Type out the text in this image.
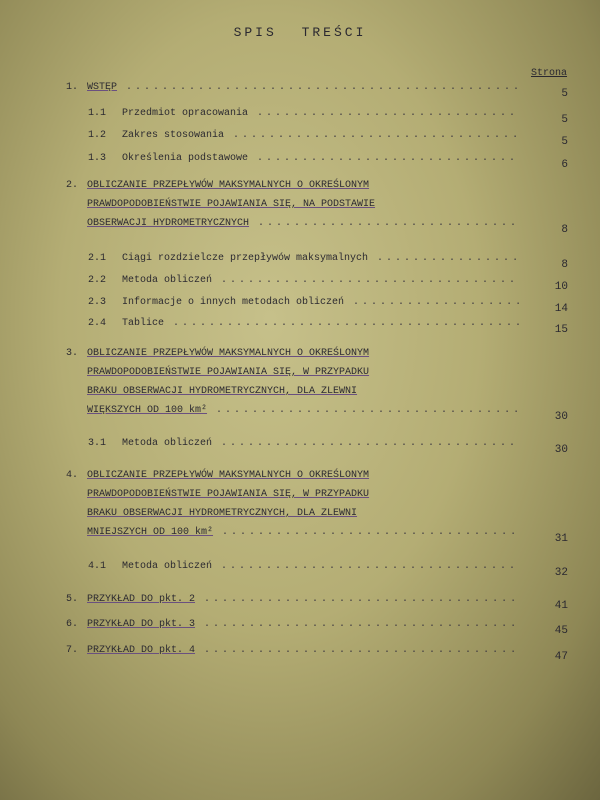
SPIS TREŚCI
Strona
1. WSTĘP ............................................
5
1.1 Przedmiot opracowania .............................
5
1.2 Zakres stosowania ................................
5
1.3 Określenia podstawowe .............................
6
2. OBLICZANIE PRZEPŁYWÓW MAKSYMALNYCH O OKREŚLONYM
PRAWDOPODOBIEŃSTWIE POJAWIANIA SIĘ, NA PODSTAWIE
OBSERWACJI HYDROMETRYCZNYCH .............................
8
2.1 Ciągi rozdzielcze przepływów maksymalnych ................
8
2.2 Metoda obliczeń .................................
10
2.3 Informacje o innych metodach obliczeń ...................
14
2.4 Tablice .......................................
15
3. OBLICZANIE PRZEPŁYWÓW MAKSYMALNYCH O OKREŚLONYM
PRAWDOPODOBIEŃSTWIE POJAWIANIA SIĘ, W PRZYPADKU
BRAKU OBSERWACJI HYDROMETRYCZNYCH, DLA ZLEWNI
WIĘKSZYCH OD 100 km² ..................................
30
3.1 Metoda obliczeń .................................
30
4. OBLICZANIE PRZEPŁYWÓW MAKSYMALNYCH O OKREŚLONYM
PRAWDOPODOBIEŃSTWIE POJAWIANIA SIĘ, W PRZYPADKU
BRAKU OBSERWACJI HYDROMETRYCZNYCH, DLA ZLEWNI
MNIEJSZYCH OD 100 km² .................................
31
4.1 Metoda obliczeń .................................
32
5. PRZYKŁAD DO pkt. 2 ...................................
41
6. PRZYKŁAD DO pkt. 3 ...................................
45
7. PRZYKŁAD DO pkt. 4 ...................................
47
